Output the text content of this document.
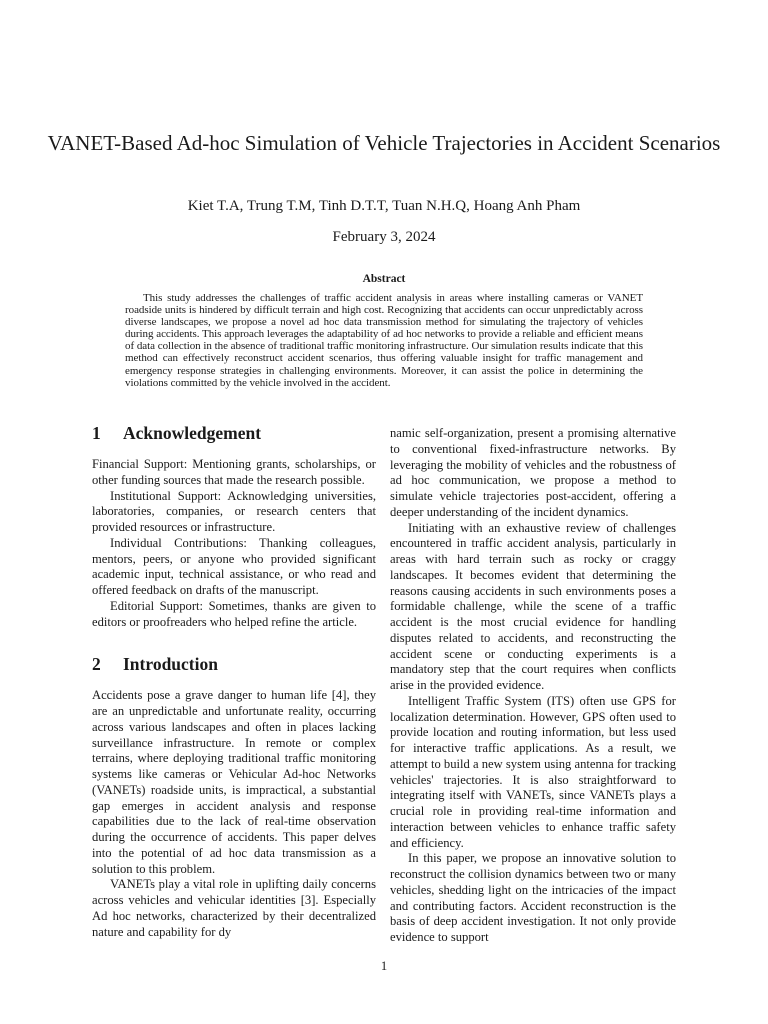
VANET-Based Ad-hoc Simulation of Vehicle Trajectories in Accident Scenarios
Kiet T.A, Trung T.M, Tinh D.T.T, Tuan N.H.Q, Hoang Anh Pham
February 3, 2024
Abstract

This study addresses the challenges of traffic accident analysis in areas where installing cameras or VANET roadside units is hindered by difficult terrain and high cost. Recognizing that accidents can occur unpredictably across diverse landscapes, we propose a novel ad hoc data transmission method for simulating the trajectory of vehicles during accidents. This approach leverages the adaptability of ad hoc networks to provide a reliable and efficient means of data collection in the absence of traditional traffic monitoring infrastructure. Our simulation results indicate that this method can effectively reconstruct accident scenarios, thus offering valuable insight for traffic management and emergency response strategies in challenging environments. Moreover, it can assist the police in determining the violations committed by the vehicle involved in the accident.

1 Acknowledgement

Financial Support: Mentioning grants, scholarships, or other funding sources that made the research possible.

Institutional Support: Acknowledging universities, laboratories, companies, or research centers that provided resources or infrastructure.

Individual Contributions: Thanking colleagues, mentors, peers, or anyone who provided significant academic input, technical assistance, or who read and offered feedback on drafts of the manuscript.

Editorial Support: Sometimes, thanks are given to editors or proofreaders who helped refine the article.

2 Introduction

Accidents pose a grave danger to human life [4], they are an unpredictable and unfortunate reality, occurring across various landscapes and often in places lacking surveillance infrastructure. In remote or complex terrains, where deploying traditional traffic monitoring systems like cameras or Vehicular Ad-hoc Networks (VANETs) roadside units, is impractical, a substantial gap emerges in accident analysis and response capabilities due to the lack of real-time observation during the occurrence of accidents. This paper delves into the potential of ad hoc data transmission as a solution to this problem.

VANETs play a vital role in uplifting daily concerns across vehicles and vehicular identities [3]. Especially Ad hoc networks, characterized by their decentralized nature and capability for dy

namic self-organization, present a promising alternative to conventional fixed-infrastructure networks. By leveraging the mobility of vehicles and the robustness of ad hoc communication, we propose a method to simulate vehicle trajectories post-accident, offering a deeper understanding of the incident dynamics.

Initiating with an exhaustive review of challenges encountered in traffic accident analysis, particularly in areas with hard terrain such as rocky or craggy landscapes. It becomes evident that determining the reasons causing accidents in such environments poses a formidable challenge, while the scene of a traffic accident is the most crucial evidence for handling disputes related to accidents, and reconstructing the accident scene or conducting experiments is a mandatory step that the court requires when conflicts arise in the provided evidence.

Intelligent Traffic System (ITS) often use GPS for localization determination. However, GPS often used to provide location and routing information, but less used for interactive traffic applications. As a result, we attempt to build a new system using antenna for tracking vehicles' trajectories. It is also straightforward to integrating itself with VANETs, since VANETs plays a crucial role in providing real-time information and interaction between vehicles to enhance traffic safety and efficiency.

In this paper, we propose an innovative solution to reconstruct the collision dynamics between two or many vehicles, shedding light on the intricacies of the impact and contributing factors. Accident reconstruction is the basis of deep accident investigation. It not only provide evidence to support

1
